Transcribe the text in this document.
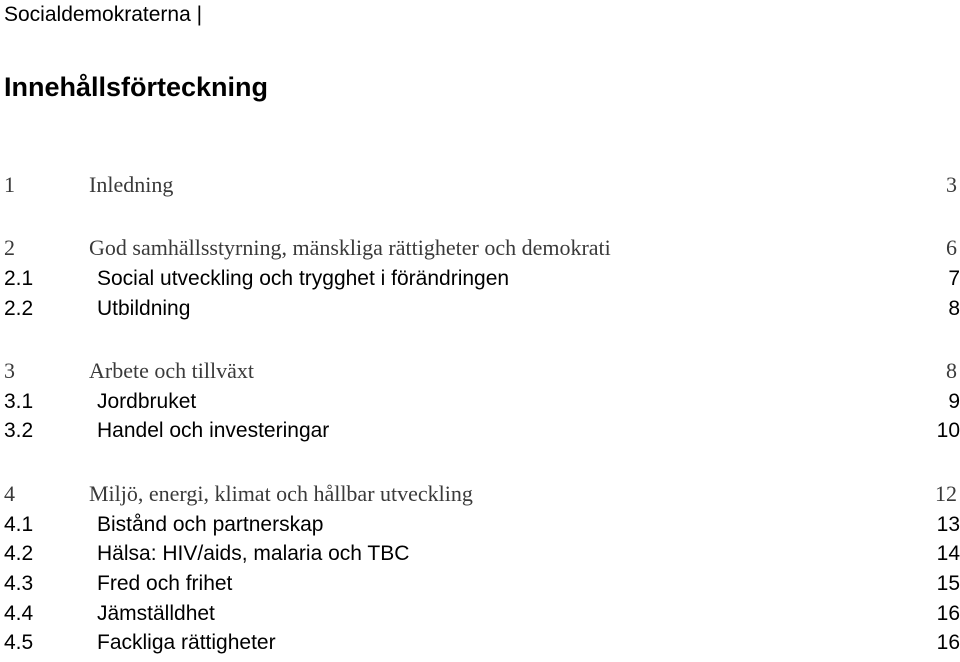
Socialdemokraterna |
Innehållsförteckning
1	Inledning	3
2	God samhällsstyrning, mänskliga rättigheter och demokrati	6
2.1	Social utveckling och trygghet i förändringen	7
2.2	Utbildning	8
3	Arbete och tillväxt	8
3.1	Jordbruket	9
3.2	Handel och investeringar	10
4	Miljö, energi, klimat och hållbar utveckling	12
4.1	Bistånd och partnerskap	13
4.2	Hälsa: HIV/aids, malaria och TBC	14
4.3	Fred och frihet	15
4.4	Jämställdhet	16
4.5	Fackliga rättigheter	16
